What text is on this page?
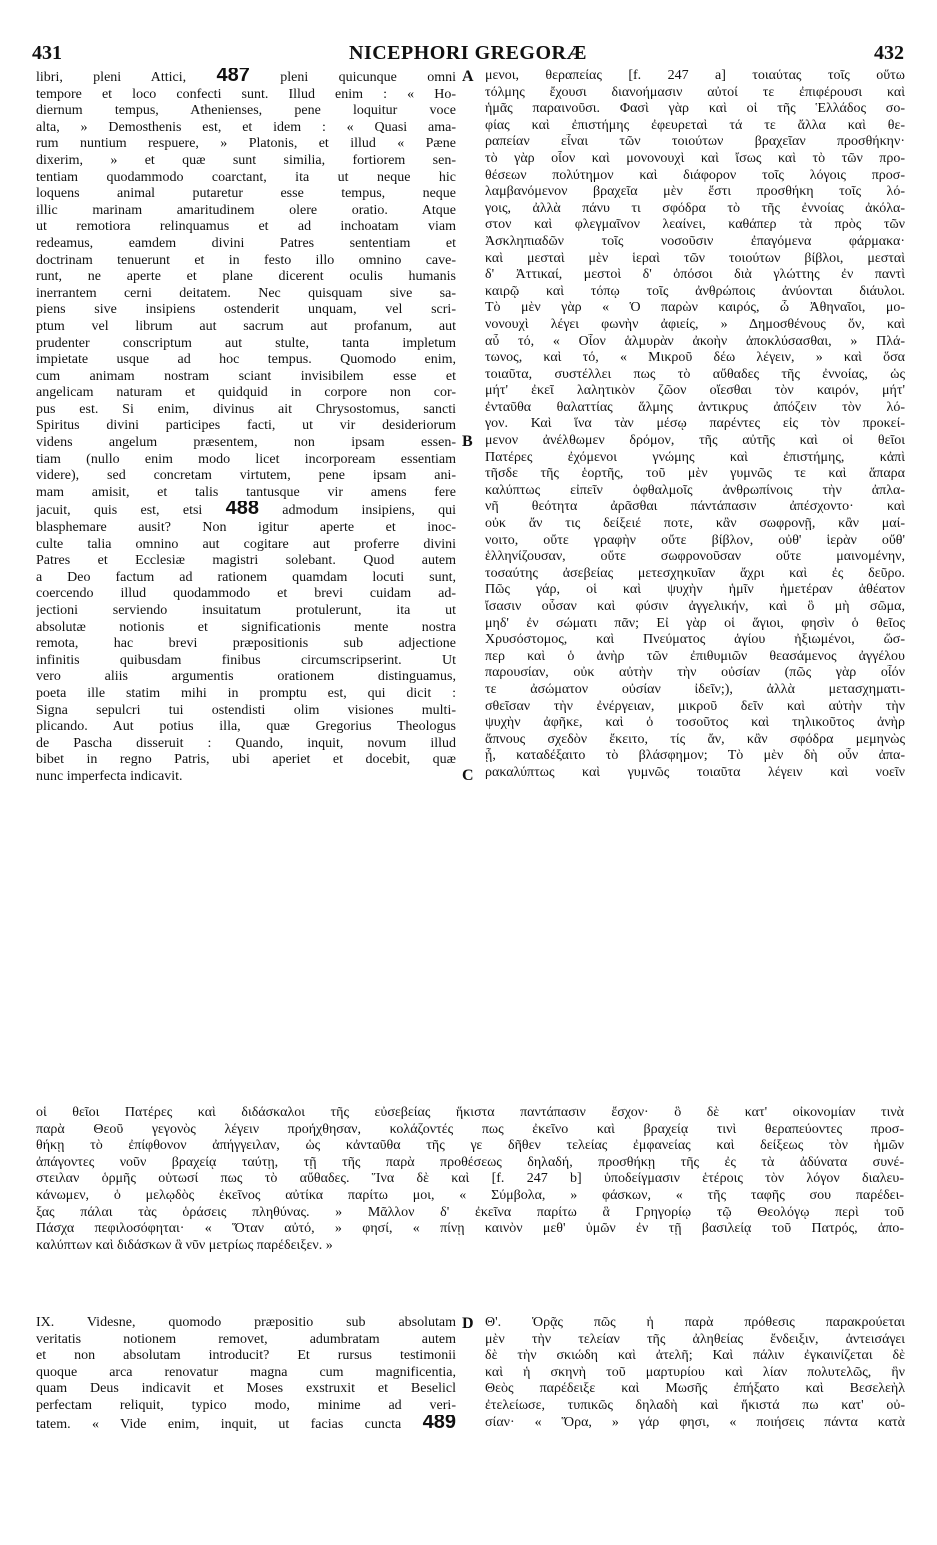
431	NICEPHORI GREGORÆ	432
A
B
C
D
libri, pleni Attici, 487 pleni quicunque omni
tempore et loco confecti sunt. Illud enim : « Ho-
diernum tempus, Athenienses, pene loquitur voce
alta, » Demosthenis est, et idem : « Quasi ama-
rum nuntium respuere, » Platonis, et illud « Pæne
dixerim, » et quæ sunt similia, fortiorem sen-
tentiam quodammodo coarctant, ita ut neque hic
loquens animal putaretur esse tempus, neque
illic marinam amaritudinem olere oratio. Atque
ut remotiora relinquamus et ad inchoatam viam
redeamus, eamdem divini Patres sententiam et
doctrinam tenuerunt et in festo illo omnino cave-
runt, ne aperte et plane dicerent oculis humanis
inerrantem cerni deitatem. Nec quisquam sive sa-
piens sive insipiens ostenderit unquam, vel scri-
ptum vel librum aut sacrum aut profanum, aut
prudenter conscriptum aut stulte, tanta impletum
impietate usque ad hoc tempus. Quomodo enim,
cum animam nostram sciant invisibilem esse et
angelicam naturam et quidquid in corpore non cor-
pus est. Si enim, divinus ait Chrysostomus, sancti
Spiritus divini participes facti, ut vir desideriorum
videns angelum præsentem, non ipsam essen-
tiam (nullo enim modo licet incorpoream essentiam
videre), sed concretam virtutem, pene ipsam ani-
mam amisit, et talis tantusque vir amens fere
jacuit, quis est, etsi 488 admodum insipiens, qui
blasphemare ausit? Non igitur aperte et inoc-
culte talia omnino aut cogitare aut proferre divini
Patres et Ecclesiæ magistri solebant. Quod autem
a Deo factum ad rationem quamdam locuti sunt,
coercendo illud quodammodo et brevi cuidam ad-
jectioni serviendo insuitatum protulerunt, ita ut
absolutæ notionis et significationis mente nostra
remota, hac brevi præpositionis sub adjectione
infinitis quibusdam finibus circumscripserint. Ut
vero aliis argumentis orationem distinguamus,
poeta ille statim mihi in promptu est, qui dicit :
Signa sepulcri tui ostendisti olim visiones multi-
plicando. Aut potius illa, quæ Gregorius Theologus
de Pascha disseruit : Quando, inquit, novum illud
bibet in regno Patris, ubi aperiet et docebit, quæ
nunc imperfecta indicavit.
μενοι, θεραπείας [f. 247 a] τοιαύτας τοῖς οὕτω
τόλμης ἔχουσι διανοήμασιν αὐτοί τε ἐπιφέρουσι καὶ
ἡμᾶς παραινοῦσι. Φασὶ γὰρ καὶ οἱ τῆς Ἑλλάδος σο-
φίας καὶ ἐπιστήμης ἐφευρεταὶ τά τε ἄλλα καὶ θε-
ραπείαν εἶναι τῶν τοιούτων βραχεῖαν προσθήκην·
τὸ γὰρ οἷον καὶ μονονουχὶ καὶ ἴσως καὶ τὸ τῶν προ-
θέσεων πολύτημον καὶ διάφορον τοῖς λόγοις προσ-
λαμβανόμενον βραχεῖα μὲν ἔστι προσθήκη τοῖς λό-
γοις, ἀλλὰ πάνυ τι σφόδρα τὸ τῆς ἐννοίας ἀκόλα-
στον καὶ φλεγμαῖνον λεαίνει, καθάπερ τὰ πρὸς τῶν
Ἀσκληπιαδῶν τοῖς νοσοῦσιν ἐπαγόμενα φάρμακα·
καὶ μεσταὶ μὲν ἱεραὶ τῶν τοιούτων βίβλοι, μεσταὶ
δ' Ἀττικαί, μεστοὶ δ' ὁπόσοι διὰ γλώττης ἐν παντὶ
καιρῷ καὶ τόπῳ τοῖς ἀνθρώποις ἀνύονται διάυλοι.
Τὸ μὲν γὰρ « Ὁ παρὼν καιρός, ὦ Ἀθηναῖοι, μο-
νονουχὶ λέγει φωνὴν ἀφιείς, » Δημοσθένους ὄν, καὶ
αὖ τό, « Οἷον ἁλμυρὰν ἀκοὴν ἀποκλύσασθαι, » Πλά-
τωνος, καὶ τό, « Μικροῦ δέω λέγειν, » καὶ ὅσα
τοιαῦτα, συστέλλει πως τὸ αὔθαδες τῆς ἐννοίας, ὡς
μήτ' ἐκεῖ λαλητικὸν ζῶον οἴεσθαι τὸν καιρόν, μήτ'
ἐνταῦθα θαλαττίας ἅλμης ἀντικρυς ἀπόζειν τὸν λό-
γον. Καὶ ἵνα τὰν μέσῳ παρέντες εἰς τὸν προκεί-
μενον ἀνέλθωμεν δρόμον, τῆς αὐτῆς καὶ οἱ θεῖοι
Πατέρες ἐχόμενοι γνώμης καὶ ἐπιστήμης, κἀπὶ
τῆσδε τῆς ἑορτῆς, τοῦ μὲν γυμνῶς τε καὶ ἅπαρα
καλύπτως εἰπεῖν ὀφθαλμοῖς ἀνθρωπίνοις τὴν ἀπλα-
νῆ θεότητα ἀρᾶσθαι πάντάπασιν ἀπέσχοντο· καὶ
οὐκ ἄν τις δείξειέ ποτε, κἂν σωφρονῇ, κἂν μαί-
νοιτο, οὔτε γραφὴν οὔτε βίβλον, οὐθ' ἱερὰν οὔθ'
ἑλληνίζουσαν, οὔτε σωφρονοῦσαν οὔτε μαινομένην,
τοσαύτης ἀσεβείας μετεσχηκυῖαν ἄχρι καὶ ἐς δεῦρο.
Πῶς γάρ, οἱ καὶ ψυχὴν ἡμῖν ἡμετέραν ἀθέατον
ἴσασιν οὖσαν καὶ φύσιν ἀγγελικήν, καὶ ὃ μὴ σῶμα,
μηδ' ἐν σώματι πᾶν; Εἰ γὰρ οἱ ἅγιοι, φησὶν ὁ θεῖος
Χρυσόστομος, καὶ Πνεύματος ἁγίου ἠξιωμένοι, ὥσ-
περ καὶ ὁ ἀνὴρ τῶν ἐπιθυμιῶν θεασάμενος ἀγγέλου
παρουσίαν, οὐκ αὐτὴν τὴν οὐσίαν (πῶς γὰρ οἷόν
τε ἀσώματον οὐσίαν ἰδεῖν;), ἀλλὰ μετασχηματι-
σθεῖσαν τὴν ἐνέργειαν, μικροῦ δεῖν καὶ αὐτὴν τὴν
ψυχὴν ἀφῆκε, καὶ ὁ τοσοῦτος καὶ τηλικοῦτος ἀνὴρ
ἄπνους σχεδὸν ἔκειτο, τίς ἄν, κἂν σφόδρα μεμηνὼς
ᾖ, καταδέξαιτο τὸ βλάσφημον; Τὸ μὲν δὴ οὖν ἀπα-
ρακαλύπτως καὶ γυμνῶς τοιαῦτα λέγειν καὶ νοεῖν
οἱ θεῖοι Πατέρες καὶ διδάσκαλοι τῆς εὐσεβείας ἥκιστα παντάπασιν ἔσχον· ὃ δὲ κατ' οἰκονομίαν τινὰ
παρὰ Θεοῦ γεγονὸς λέγειν προήχθησαν, κολάζοντές πως ἐκεῖνο καὶ βραχείᾳ τινὶ θεραπεύοντες προσ-
θήκῃ τὸ ἐπίφθονον ἀπήγγειλαν, ὡς κἀνταῦθα τῆς γε δῆθεν τελείας ἐμφανείας καὶ δείξεως τὸν ἡμῶν
ἀπάγοντες νοῦν βραχείᾳ ταύτῃ, τῇ τῆς παρὰ προθέσεως δηλαδή, προσθήκῃ τῆς ἐς τὰ ἀδύνατα συνέ-
στειλαν ὁρμῆς οὑτωσί πως τὸ αὔθαδες. Ἵνα δὲ καὶ [f. 247 b] ὑποδείγμασιν ἑτέροις τὸν λόγον διαλευ-
κάνωμεν, ὁ μελῳδὸς ἐκεῖνος αὐτίκα παρίτω μοι, « Σύμβολα, » φάσκων, « τῆς ταφῆς σου παρέδει-
ξας πάλαι τὰς ὁράσεις πληθύνας. » Μᾶλλον δ' ἐκεῖνα παρίτω ἃ Γρηγορίῳ τῷ Θεολόγῳ περὶ τοῦ
Πάσχα πεφιλοσόφηται· « Ὅταν αὐτό, » φησί, « πίνῃ καινὸν μεθ' ὑμῶν ἐν τῇ βασιλείᾳ τοῦ Πατρός, ἀπο-
καλύπτων καὶ διδάσκων ἃ νῦν μετρίως παρέδειξεν. »
IX. Videsne, quomodo præpositio sub absolutam
veritatis notionem removet, adumbratam autem
et non absolutam introducit? Et rursus testimonii
quoque arca renovatur magna cum magnificentia,
quam Deus indicavit et Moses exstruxit et Beselicl
perfectam reliquit, typico modo, minime ad veri-
tatem. « Vide enim, inquit, ut facias cuncta 489
Θ'. Ὁρᾷς πῶς ἡ παρὰ πρόθεσις παρακρούεται
μὲν τὴν τελείαν τῆς ἀληθείας ἔνδειξιν, ἀντεισάγει
δὲ τὴν σκιώδη καὶ ἀτελῆ; Καὶ πάλιν ἐγκαινίζεται δὲ
καὶ ἡ σκηνὴ τοῦ μαρτυρίου καὶ λίαν πολυτελῶς, ἣν
Θεὸς παρέδειξε καὶ Μωσῆς ἐπήξατο καὶ Βεσελεὴλ
ἐτελείωσε, τυπικῶς δηλαδὴ καὶ ἥκιστά πω κατ' οὐ-
σίαν· « Ὅρα, » γάρ φησι, « ποιήσεις πάντα κατὰ
